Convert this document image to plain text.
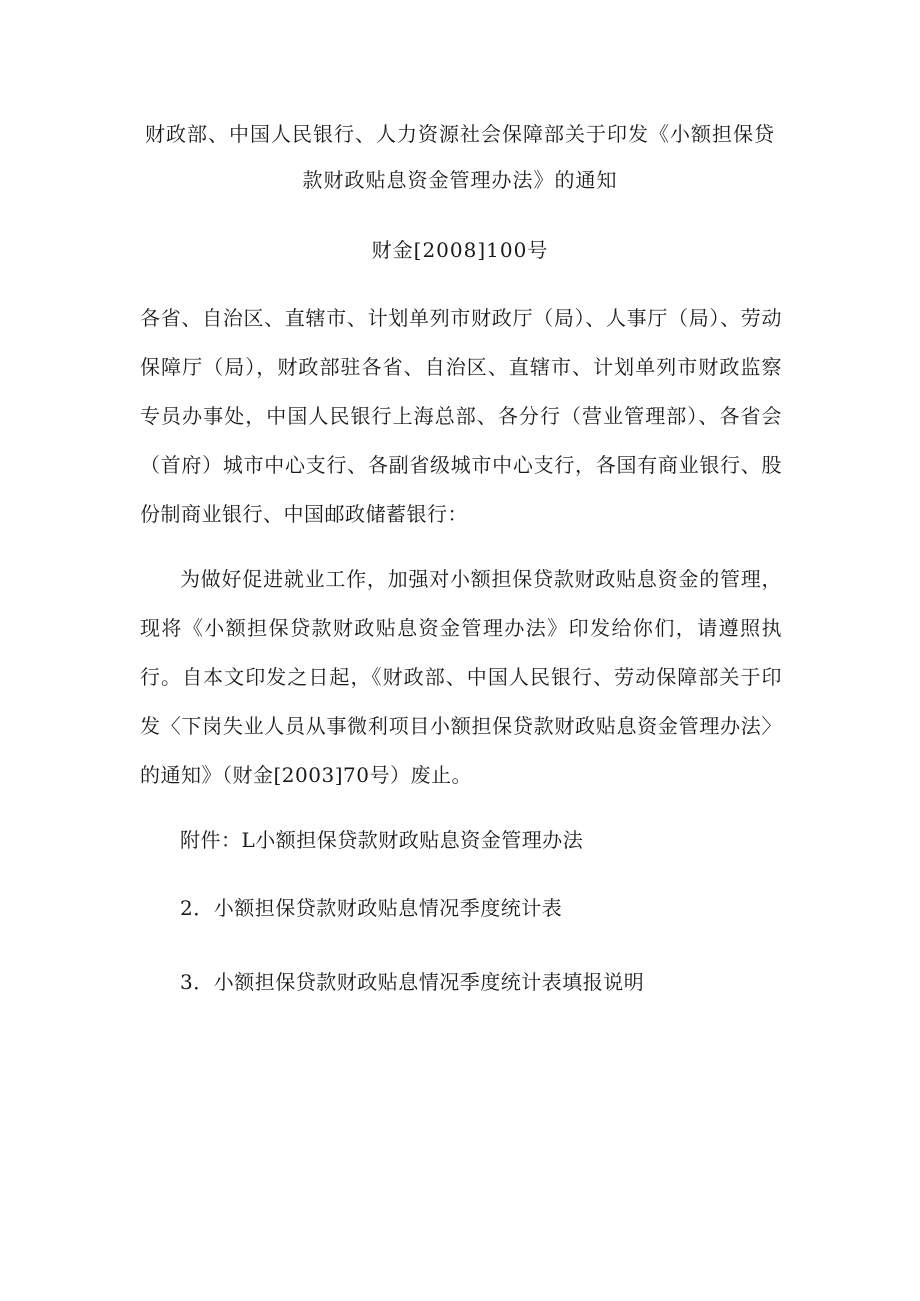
财政部、中国人民银行、人力资源社会保障部关于印发《小额担保贷
款财政贴息资金管理办法》的通知
财金[2008]100号

各省、自治区、直辖市、计划单列市财政厅（局）、人事厅（局）、劳动保障厅（局），财政部驻各省、自治区、直辖市、计划单列市财政监察专员办事处，中国人民银行上海总部、各分行（营业管理部）、各省会（首府）城市中心支行、各副省级城市中心支行，各国有商业银行、股份制商业银行、中国邮政储蓄银行：

为做好促进就业工作，加强对小额担保贷款财政贴息资金的管理，现将《小额担保贷款财政贴息资金管理办法》印发给你们，请遵照执行。自本文印发之日起，《财政部、中国人民银行、劳动保障部关于印发〈下岗失业人员从事微利项目小额担保贷款财政贴息资金管理办法〉的通知》（财金[2003]70号）废止。

附件：L小额担保贷款财政贴息资金管理办法
2．小额担保贷款财政贴息情况季度统计表
3．小额担保贷款财政贴息情况季度统计表填报说明
